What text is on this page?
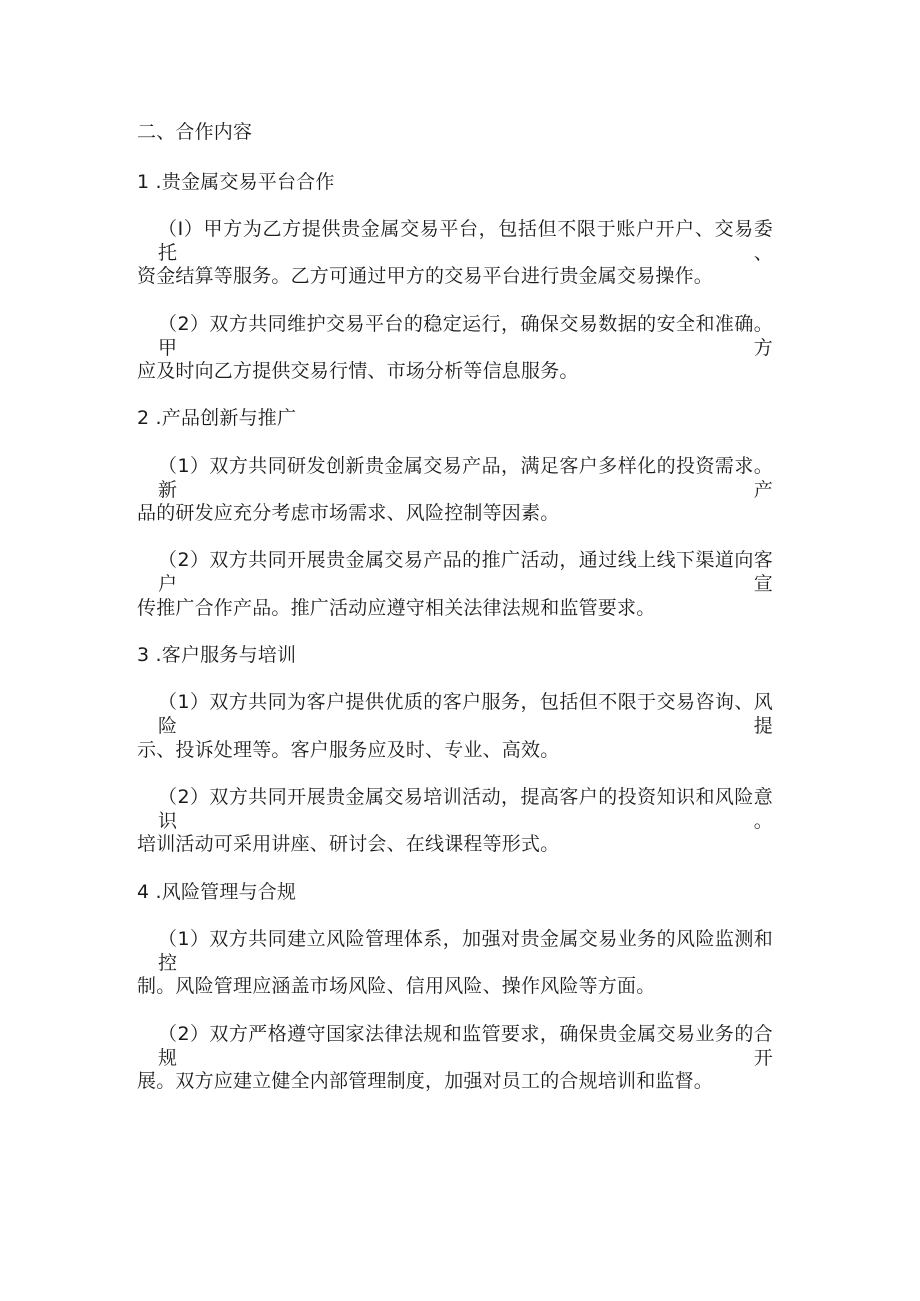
二、合作内容
1 .贵金属交易平台合作
（I）甲方为乙方提供贵金属交易平台，包括但不限于账户开户、交易委托、
资金结算等服务。乙方可通过甲方的交易平台进行贵金属交易操作。
（2）双方共同维护交易平台的稳定运行，确保交易数据的安全和准确。甲方
应及时向乙方提供交易行情、市场分析等信息服务。
2 .产品创新与推广
（1）双方共同研发创新贵金属交易产品，满足客户多样化的投资需求。新产
品的研发应充分考虑市场需求、风险控制等因素。
（2）双方共同开展贵金属交易产品的推广活动，通过线上线下渠道向客户宣
传推广合作产品。推广活动应遵守相关法律法规和监管要求。
3 .客户服务与培训
（1）双方共同为客户提供优质的客户服务，包括但不限于交易咨询、风险提
示、投诉处理等。客户服务应及时、专业、高效。
（2）双方共同开展贵金属交易培训活动，提高客户的投资知识和风险意识。
培训活动可采用讲座、研讨会、在线课程等形式。
4 .风险管理与合规
（1）双方共同建立风险管理体系，加强对贵金属交易业务的风险监测和控
制。风险管理应涵盖市场风险、信用风险、操作风险等方面。
（2）双方严格遵守国家法律法规和监管要求，确保贵金属交易业务的合规开
展。双方应建立健全内部管理制度，加强对员工的合规培训和监督。
